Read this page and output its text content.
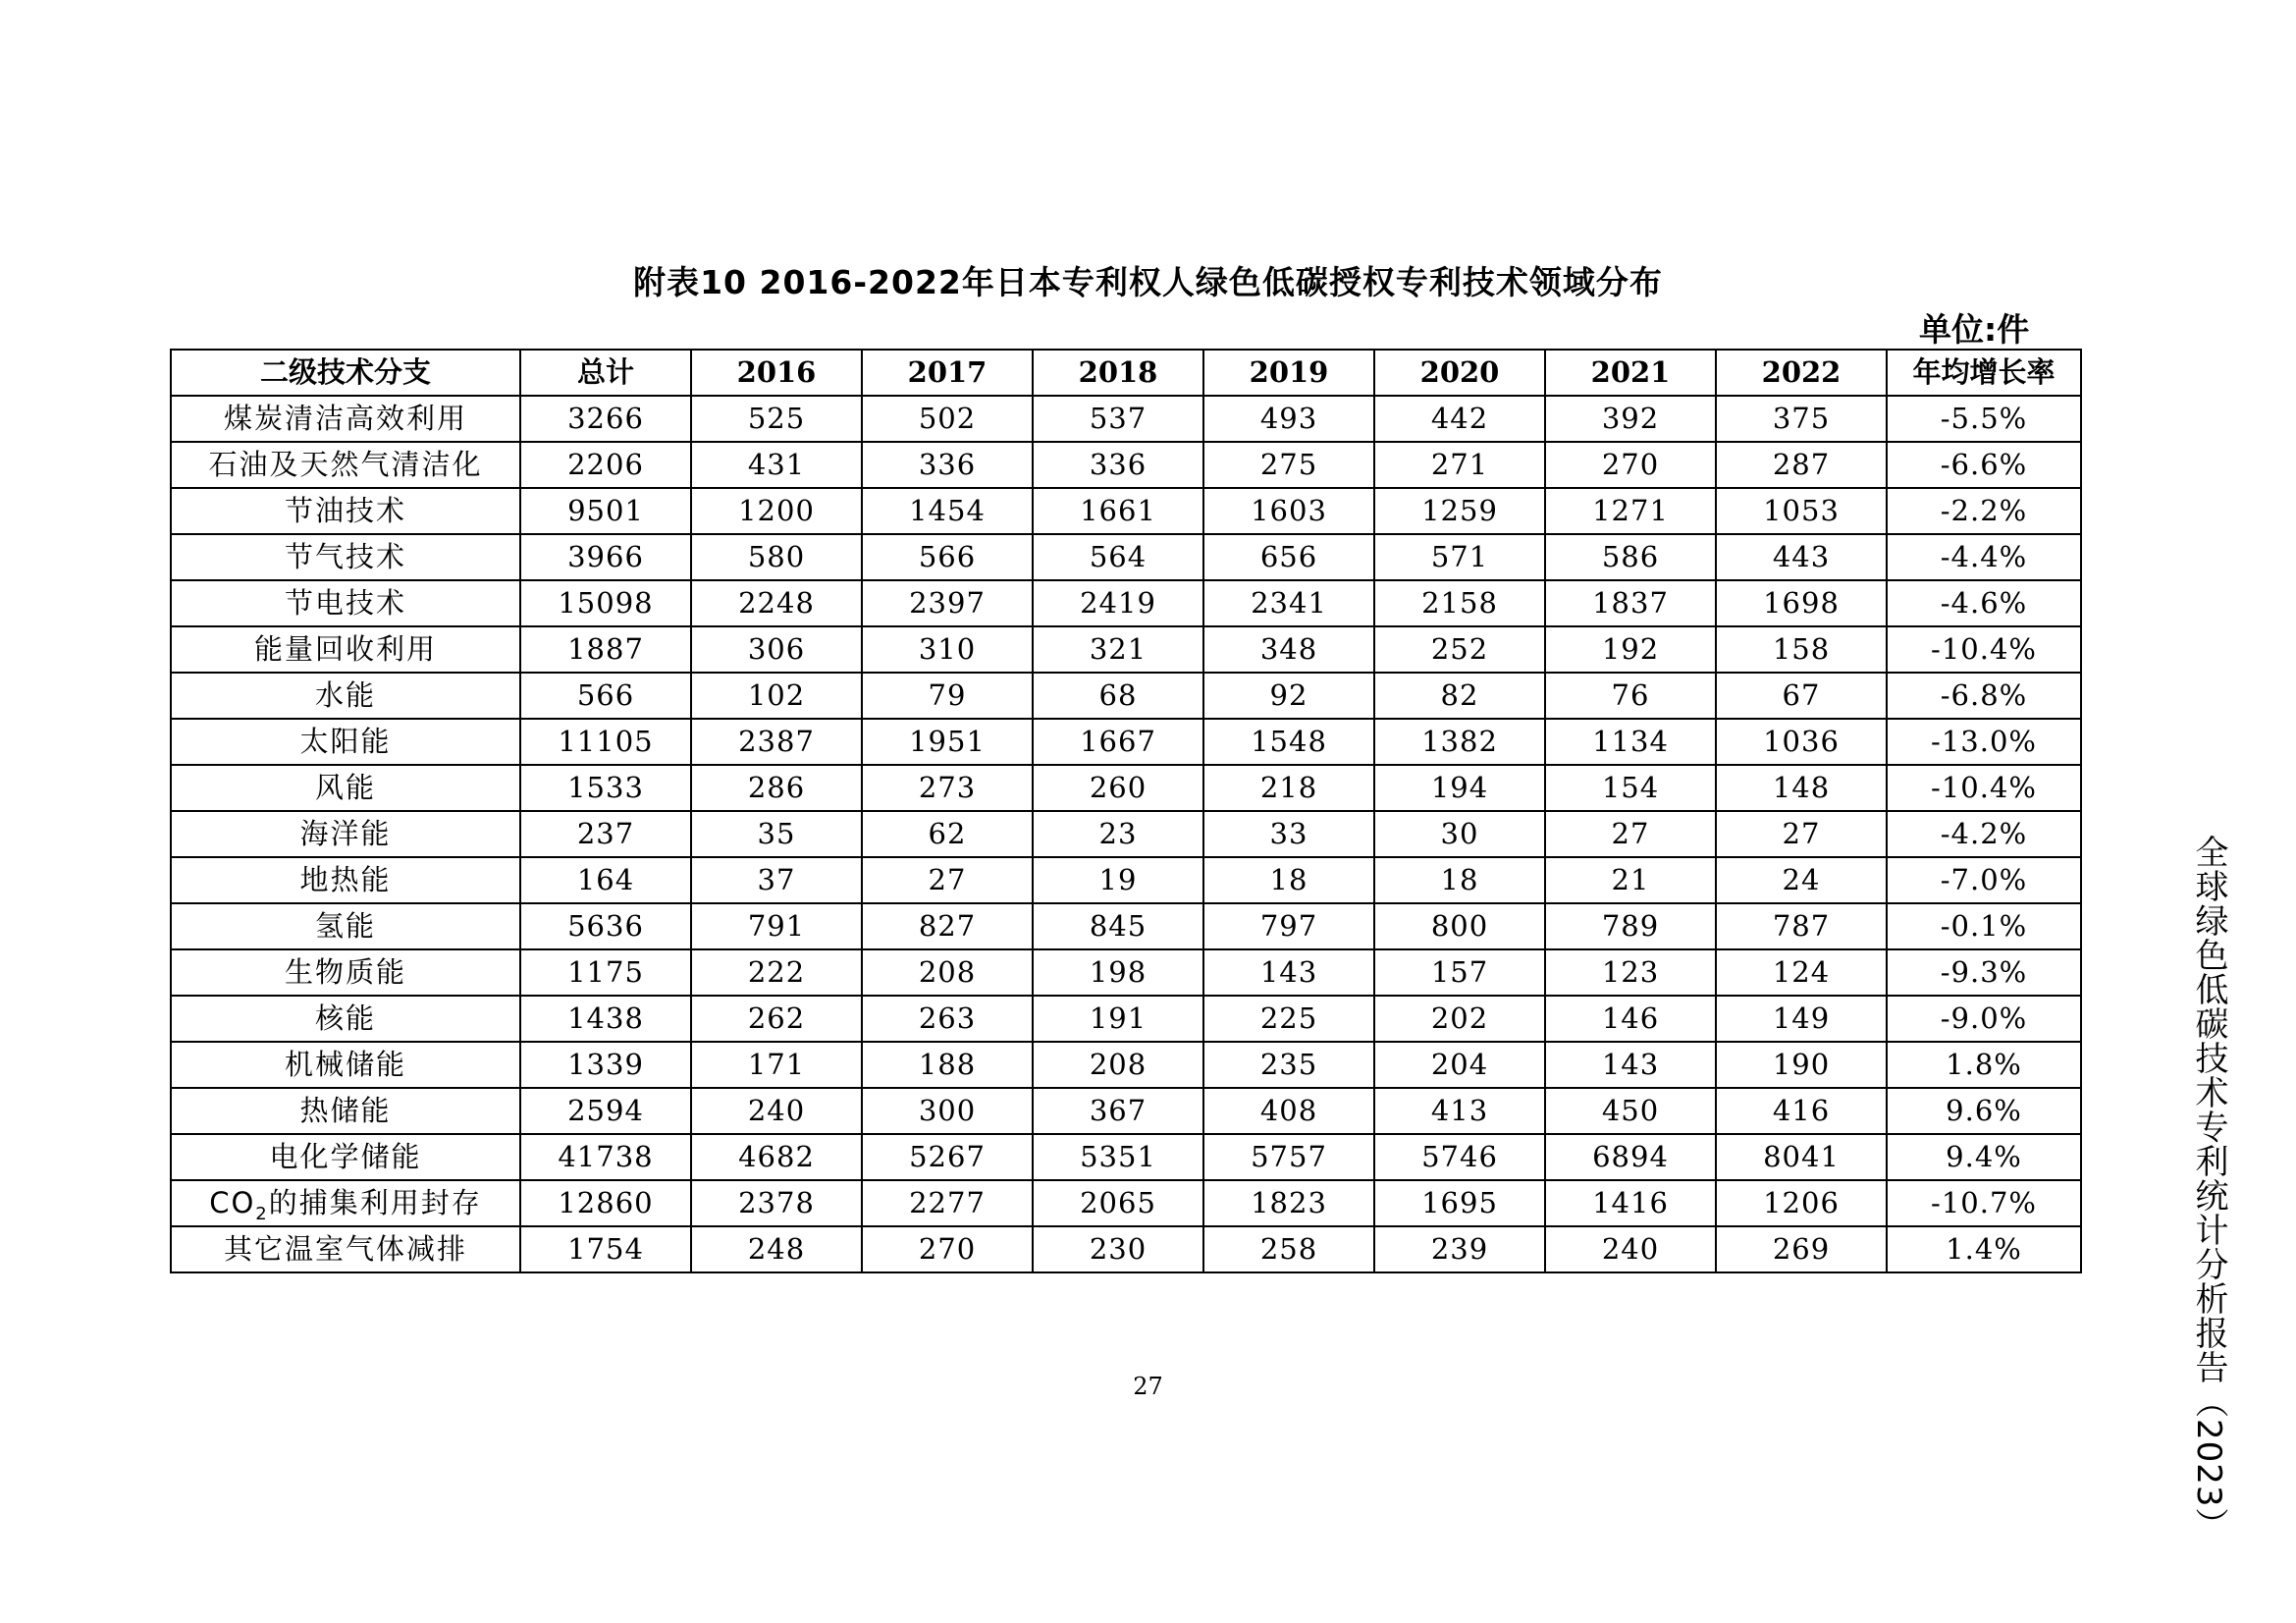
附表10 2016-2022年日本专利权人绿色低碳授权专利技术领域分布
单位:件
二级技术分支	总计	2016	2017	2018	2019	2020	2021	2022	年均增长率
煤炭清洁高效利用	3266	525	502	537	493	442	392	375	-5.5%
石油及天然气清洁化	2206	431	336	336	275	271	270	287	-6.6%
节油技术	9501	1200	1454	1661	1603	1259	1271	1053	-2.2%
节气技术	3966	580	566	564	656	571	586	443	-4.4%
节电技术	15098	2248	2397	2419	2341	2158	1837	1698	-4.6%
能量回收利用	1887	306	310	321	348	252	192	158	-10.4%
水能	566	102	79	68	92	82	76	67	-6.8%
太阳能	11105	2387	1951	1667	1548	1382	1134	1036	-13.0%
风能	1533	286	273	260	218	194	154	148	-10.4%
海洋能	237	35	62	23	33	30	27	27	-4.2%
地热能	164	37	27	19	18	18	21	24	-7.0%
氢能	5636	791	827	845	797	800	789	787	-0.1%
生物质能	1175	222	208	198	143	157	123	124	-9.3%
核能	1438	262	263	191	225	202	146	149	-9.0%
机械储能	1339	171	188	208	235	204	143	190	1.8%
热储能	2594	240	300	367	408	413	450	416	9.6%
电化学储能	41738	4682	5267	5351	5757	5746	6894	8041	9.4%
$CO_2$的捕集利用封存	12860	2378	2277	2065	1823	1695	1416	1206	-10.7%
其它温室气体减排	1754	248	270	230	258	239	240	269	1.4%
27	全球绿色低碳技术专利统计分析报告（2023）
